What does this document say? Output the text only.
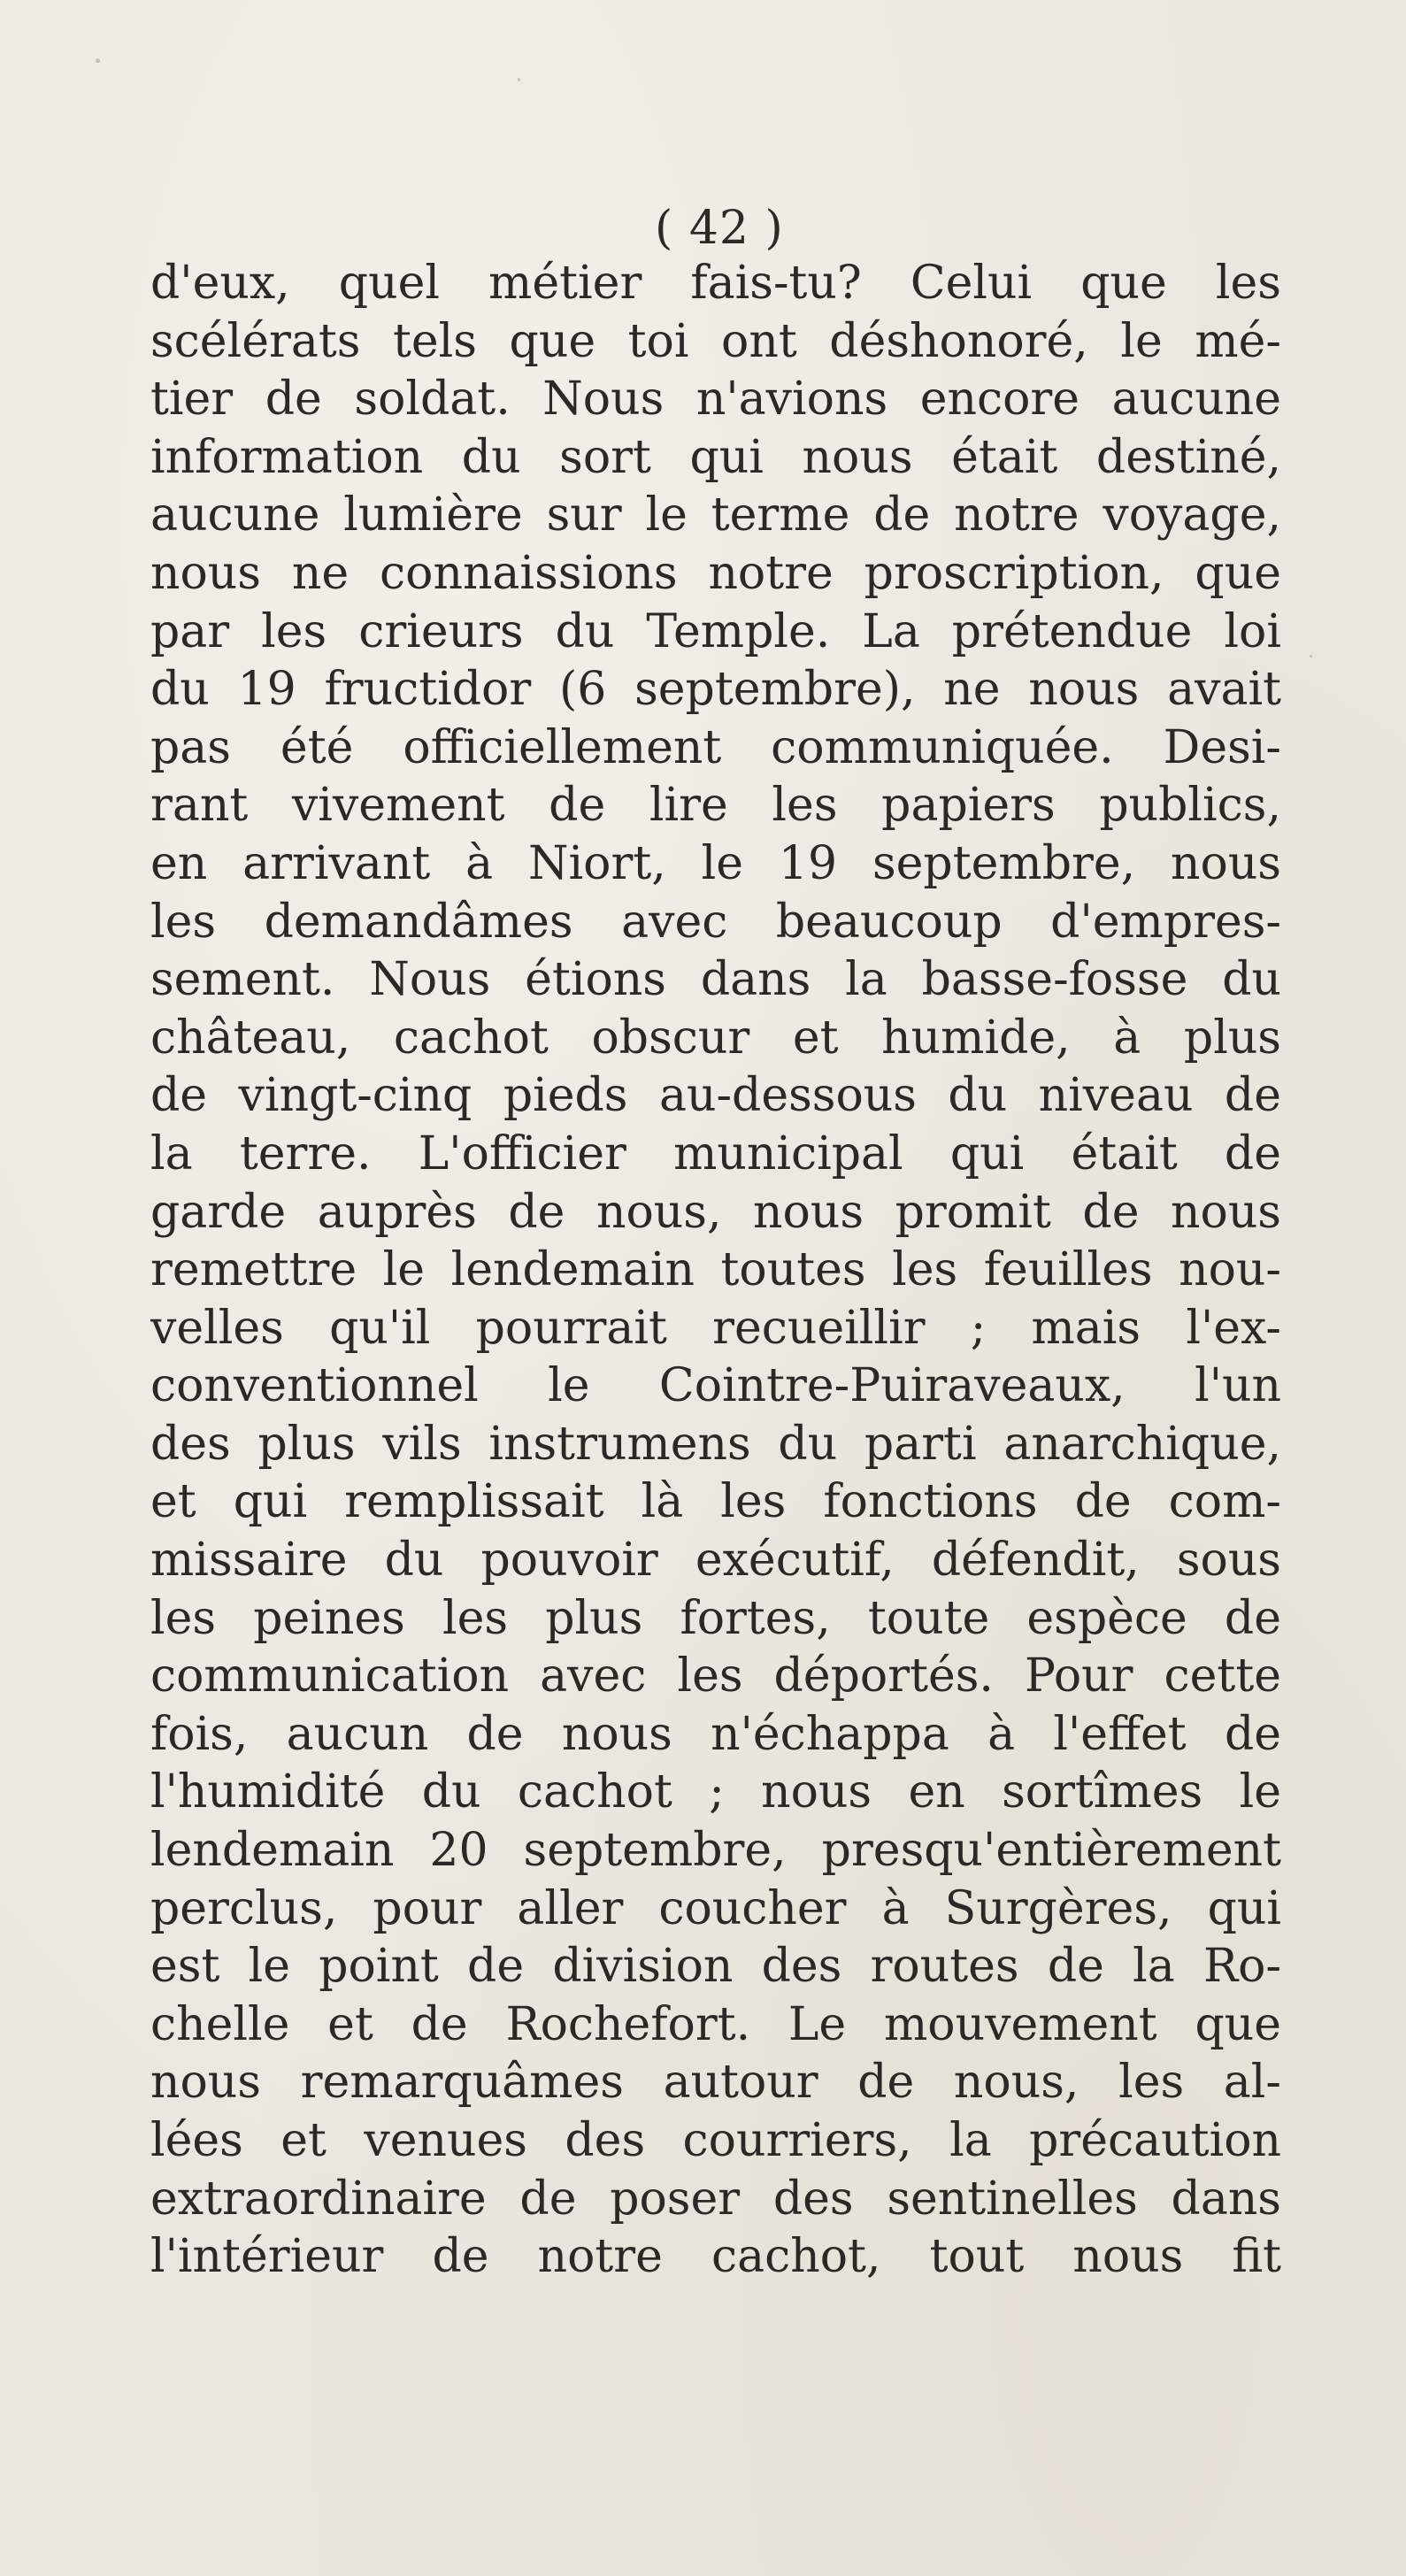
( 42 )
d'eux, quel métier fais-tu? Celui que les
scélérats tels que toi ont déshonoré, le mé-
tier de soldat. Nous n'avions encore aucune
information du sort qui nous était destiné,
aucune lumière sur le terme de notre voyage,
nous ne connaissions notre proscription, que
par les crieurs du Temple. La prétendue loi
du 19 fructidor (6 septembre), ne nous avait
pas été officiellement communiquée. Desi-
rant vivement de lire les papiers publics,
en arrivant à Niort, le 19 septembre, nous
les demandâmes avec beaucoup d'empres-
sement. Nous étions dans la basse-fosse du
château, cachot obscur et humide, à plus
de vingt-cinq pieds au-dessous du niveau de
la terre. L'officier municipal qui était de
garde auprès de nous, nous promit de nous
remettre le lendemain toutes les feuilles nou-
velles qu'il pourrait recueillir ; mais l'ex-
conventionnel le Cointre-Puiraveaux, l'un
des plus vils instrumens du parti anarchique,
et qui remplissait là les fonctions de com-
missaire du pouvoir exécutif, défendit, sous
les peines les plus fortes, toute espèce de
communication avec les déportés. Pour cette
fois, aucun de nous n'échappa à l'effet de
l'humidité du cachot ; nous en sortîmes le
lendemain 20 septembre, presqu'entièrement
perclus, pour aller coucher à Surgères, qui
est le point de division des routes de la Ro-
chelle et de Rochefort. Le mouvement que
nous remarquâmes autour de nous, les al-
lées et venues des courriers, la précaution
extraordinaire de poser des sentinelles dans
l'intérieur de notre cachot, tout nous fit
